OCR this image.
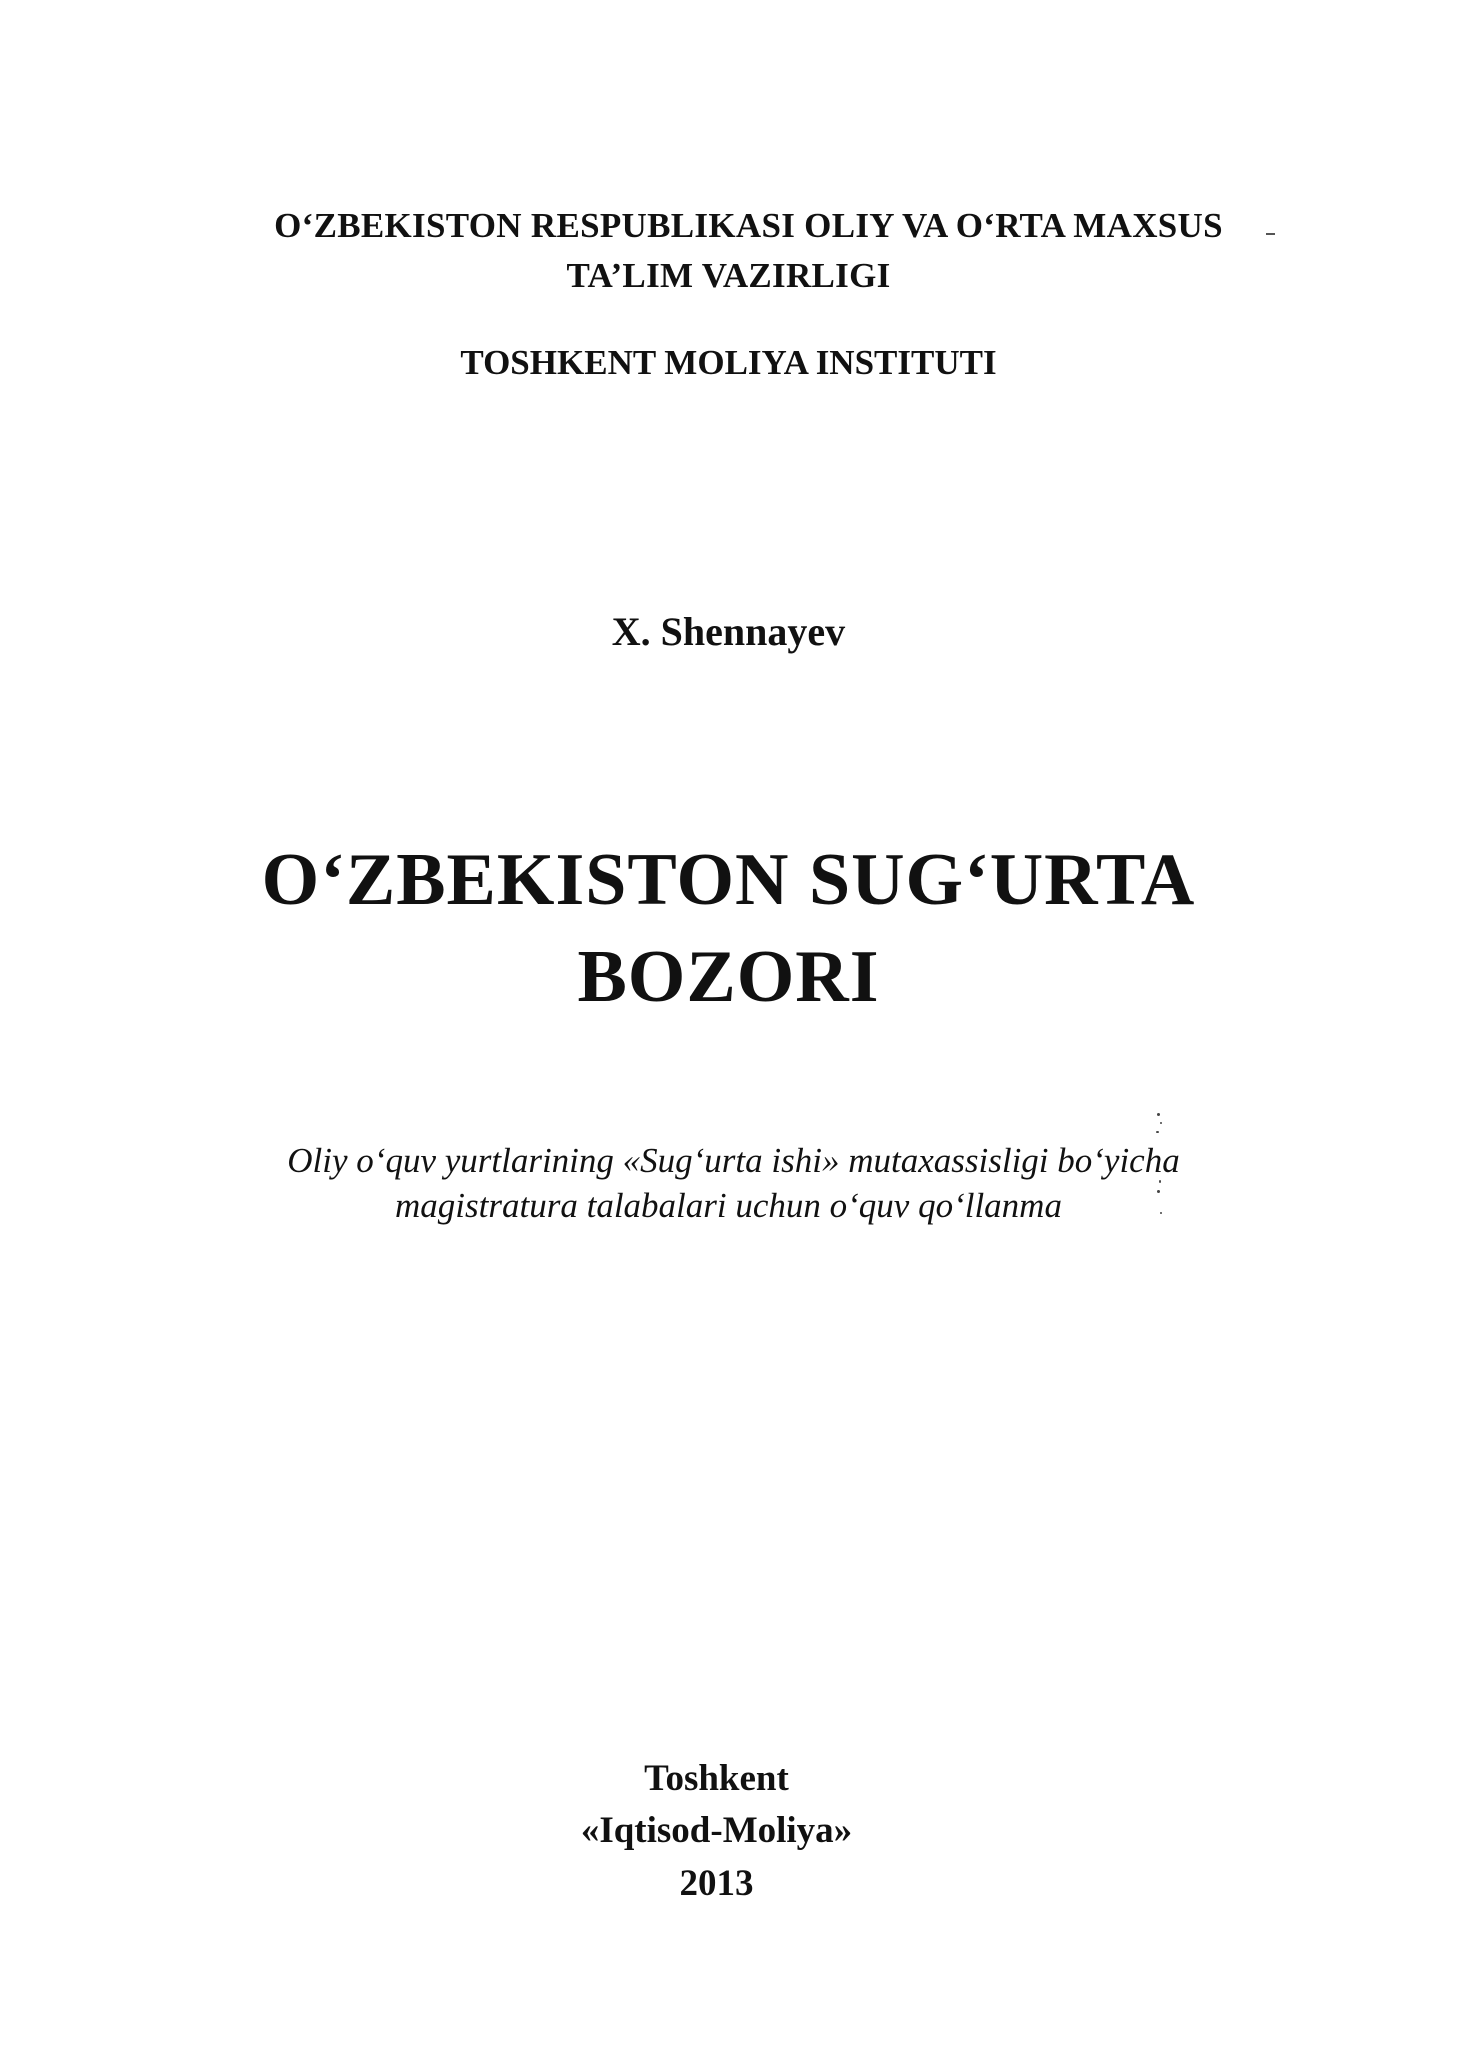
O‘ZBEKISTON RESPUBLIKASI OLIY VA O‘RTA MAXSUS
TA’LIM VAZIRLIGI
TOSHKENT MOLIYA INSTITUTI
X. Shennayev
O‘ZBEKISTON SUG‘URTA
BOZORI
Oliy o‘quv yurtlarining «Sug‘urta ishi» mutaxassisligi bo‘yicha
magistratura talabalari uchun o‘quv qo‘llanma
Toshkent
«Iqtisod-Moliya»
2013
